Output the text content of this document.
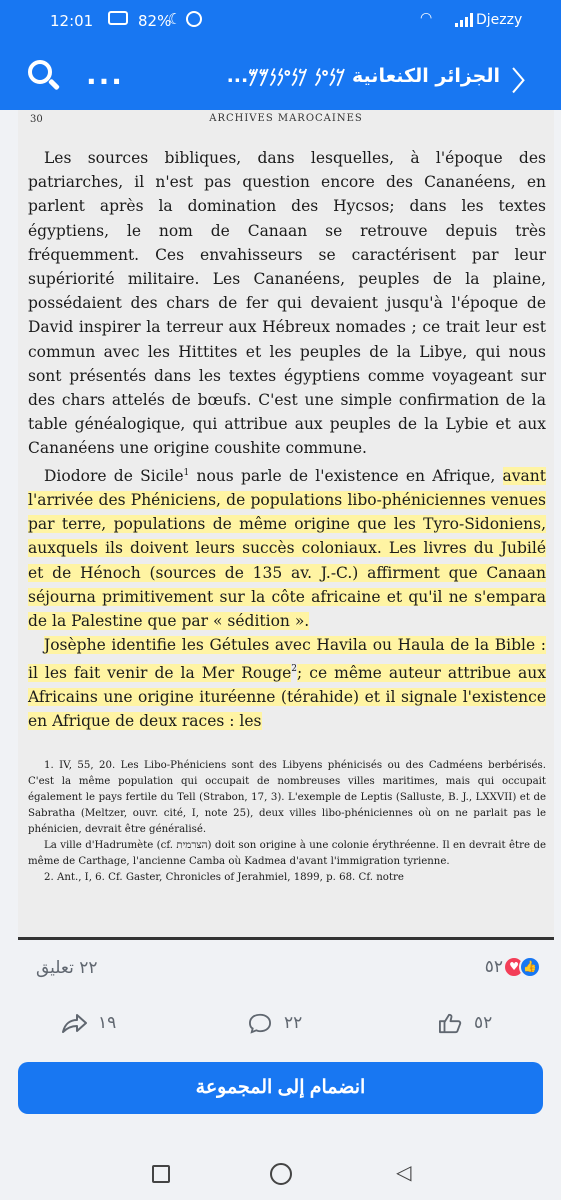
12:01	82%
☾	◠	Djezzy
...	الجزائر الكنعانية 𐤊𐤍𐤏𐤍 𐤊𐤍𐤏𐤍𐤍𐤌𐤌... 〉
30	ARCHIVES MAROCAINES

Les sources bibliques, dans lesquelles, à l'époque des patriarches, il n'est pas question encore des Cananéens, en parlent après la domination des Hycsos; dans les textes égyptiens, le nom de Canaan se retrouve depuis très fréquemment. Ces envahisseurs se caractérisent par leur supériorité militaire. Les Cananéens, peuples de la plaine, possédaient des chars de fer qui devaient jusqu'à l'époque de David inspirer la terreur aux Hébreux nomades ; ce trait leur est commun avec les Hittites et les peuples de la Libye, qui nous sont présentés dans les textes égyptiens comme voyageant sur des chars attelés de bœufs. C'est une simple confirmation de la table généalogique, qui attribue aux peuples de la Lybie et aux Cananéens une origine coushite commune.

Diodore de Sicile$^1$ nous parle de l'existence en Afrique, avant l'arrivée des Phéniciens, de populations libo-phéniciennes venues par terre, populations de même origine que les Tyro-Sidoniens, auxquels ils doivent leurs succès coloniaux. Les livres du Jubilé et de Hénoch (sources de 135 av. J.-C.) affirment que Canaan séjourna primitivement sur la côte africaine et qu'il ne s'empara de la Palestine que par « sédition ».

Josèphe identifie les Gétules avec Havila ou Haula de la Bible : il les fait venir de la Mer Rouge$^2$; ce même auteur attribue aux Africains une origine ituréenne (térahide) et il signale l'existence en Afrique de deux races : les

1. IV, 55, 20. Les Libo-Phéniciens sont des Libyens phénicisés ou des Cadméens berbérisés. C'est la même population qui occupait de nombreuses villes maritimes, mais qui occupait également le pays fertile du Tell (Strabon, 17, 3). L'exemple de Leptis (Salluste, B. J., LXXVII) et de Sabratha (Meltzer, ouvr. cité, I, note 25), deux villes libo-phéniciennes où on ne parlait pas le phénicien, devrait être généralisé.

La ville d'Hadrumète (cf. הצרמית) doit son origine à une colonie érythréenne. Il en devrait être de même de Carthage, l'ancienne Camba où Kadmea d'avant l'immigration tyrienne.

2. Ant., I, 6. Cf. Gaster, Chronicles of Jerahmiel, 1899, p. 68. Cf. notre

٢٢ تعليق	٥٢ ♥ 👍
١٩	٢٢	٥٢
انضمام إلى المجموعة
◁
